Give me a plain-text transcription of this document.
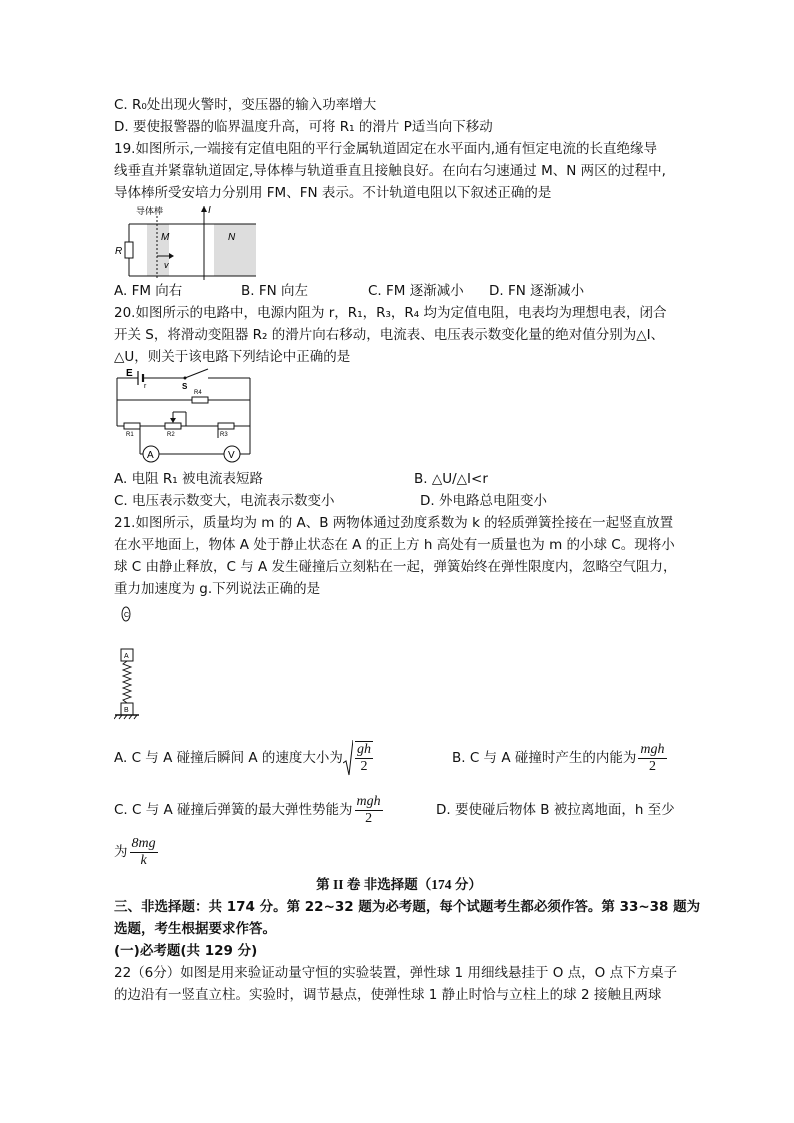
C. R₀处出现火警时，变压器的输入功率增大
D. 要使报警器的临界温度升高，可将 R₁ 的滑片 P适当向下移动
19.如图所示,一端接有定值电阻的平行金属轨道固定在水平面内,通有恒定电流的长直绝缘导
线垂直并紧靠轨道固定,导体棒与轨道垂直且接触良好。在向右匀速通过 M、N 两区的过程中,
导体棒所受安培力分别用 FM、FN 表示。不计轨道电阻以下叙述正确的是
导体棒	I
R
M	N
v
A. FM 向右	B. FN 向左	C. FM 逐渐减小	D. FN 逐渐减小
20.如图所示的电路中，电源内阻为 r，R₁，R₃，R₄ 均为定值电阻，电表均为理想电表，闭合
开关 S，将滑动变阻器 R₂ 的滑片向右移动，电流表、电压表示数变化量的绝对值分别为△I、
△U，则关于该电路下列结论中正确的是
E
r	S
R4
R1	R2	R3
A	V
A. 电阻 R₁ 被电流表短路	B. △U/△I<r
C. 电压表示数变大，电流表示数变小	D. 外电路总电阻变小
21.如图所示，质量均为 m 的 A、B 两物体通过劲度系数为 k 的轻质弹簧拴接在一起竖直放置
在水平地面上，物体 A 处于静止状态在 A 的正上方 h 高处有一质量也为 m 的小球 C。现将小
球 C 由静止释放，C 与 A 发生碰撞后立刻粘在一起，弹簧始终在弹性限度内，忽略空气阻力，
重力加速度为 g.下列说法正确的是
C
A
B
A. C 与 A 碰撞后瞬间 A 的速度大小为 $\frac{gh}{2}$	B. C 与 A 碰撞时产生的内能为 $\frac{\text{mgh}}{2}$
C. C 与 A 碰撞后弹簧的最大弹性势能为 $\frac{\text{mgh}}{2}$	D. 要使碰后物体 B 被拉离地面，h 至少
为 $\frac{8mg}{k}$
第 II 卷 非选择题（174 分）
三、非选择题：共 174 分。第 22~32 题为必考题，每个试题考生都必须作答。第 33~38 题为
选题，考生根据要求作答。
(一)必考题(共 129 分)
22（6分）如图是用来验证动量守恒的实验装置，弹性球 1 用细线悬挂于 O 点，O 点下方桌子
的边沿有一竖直立柱。实验时，调节悬点，使弹性球 1 静止时恰与立柱上的球 2 接触且两球
